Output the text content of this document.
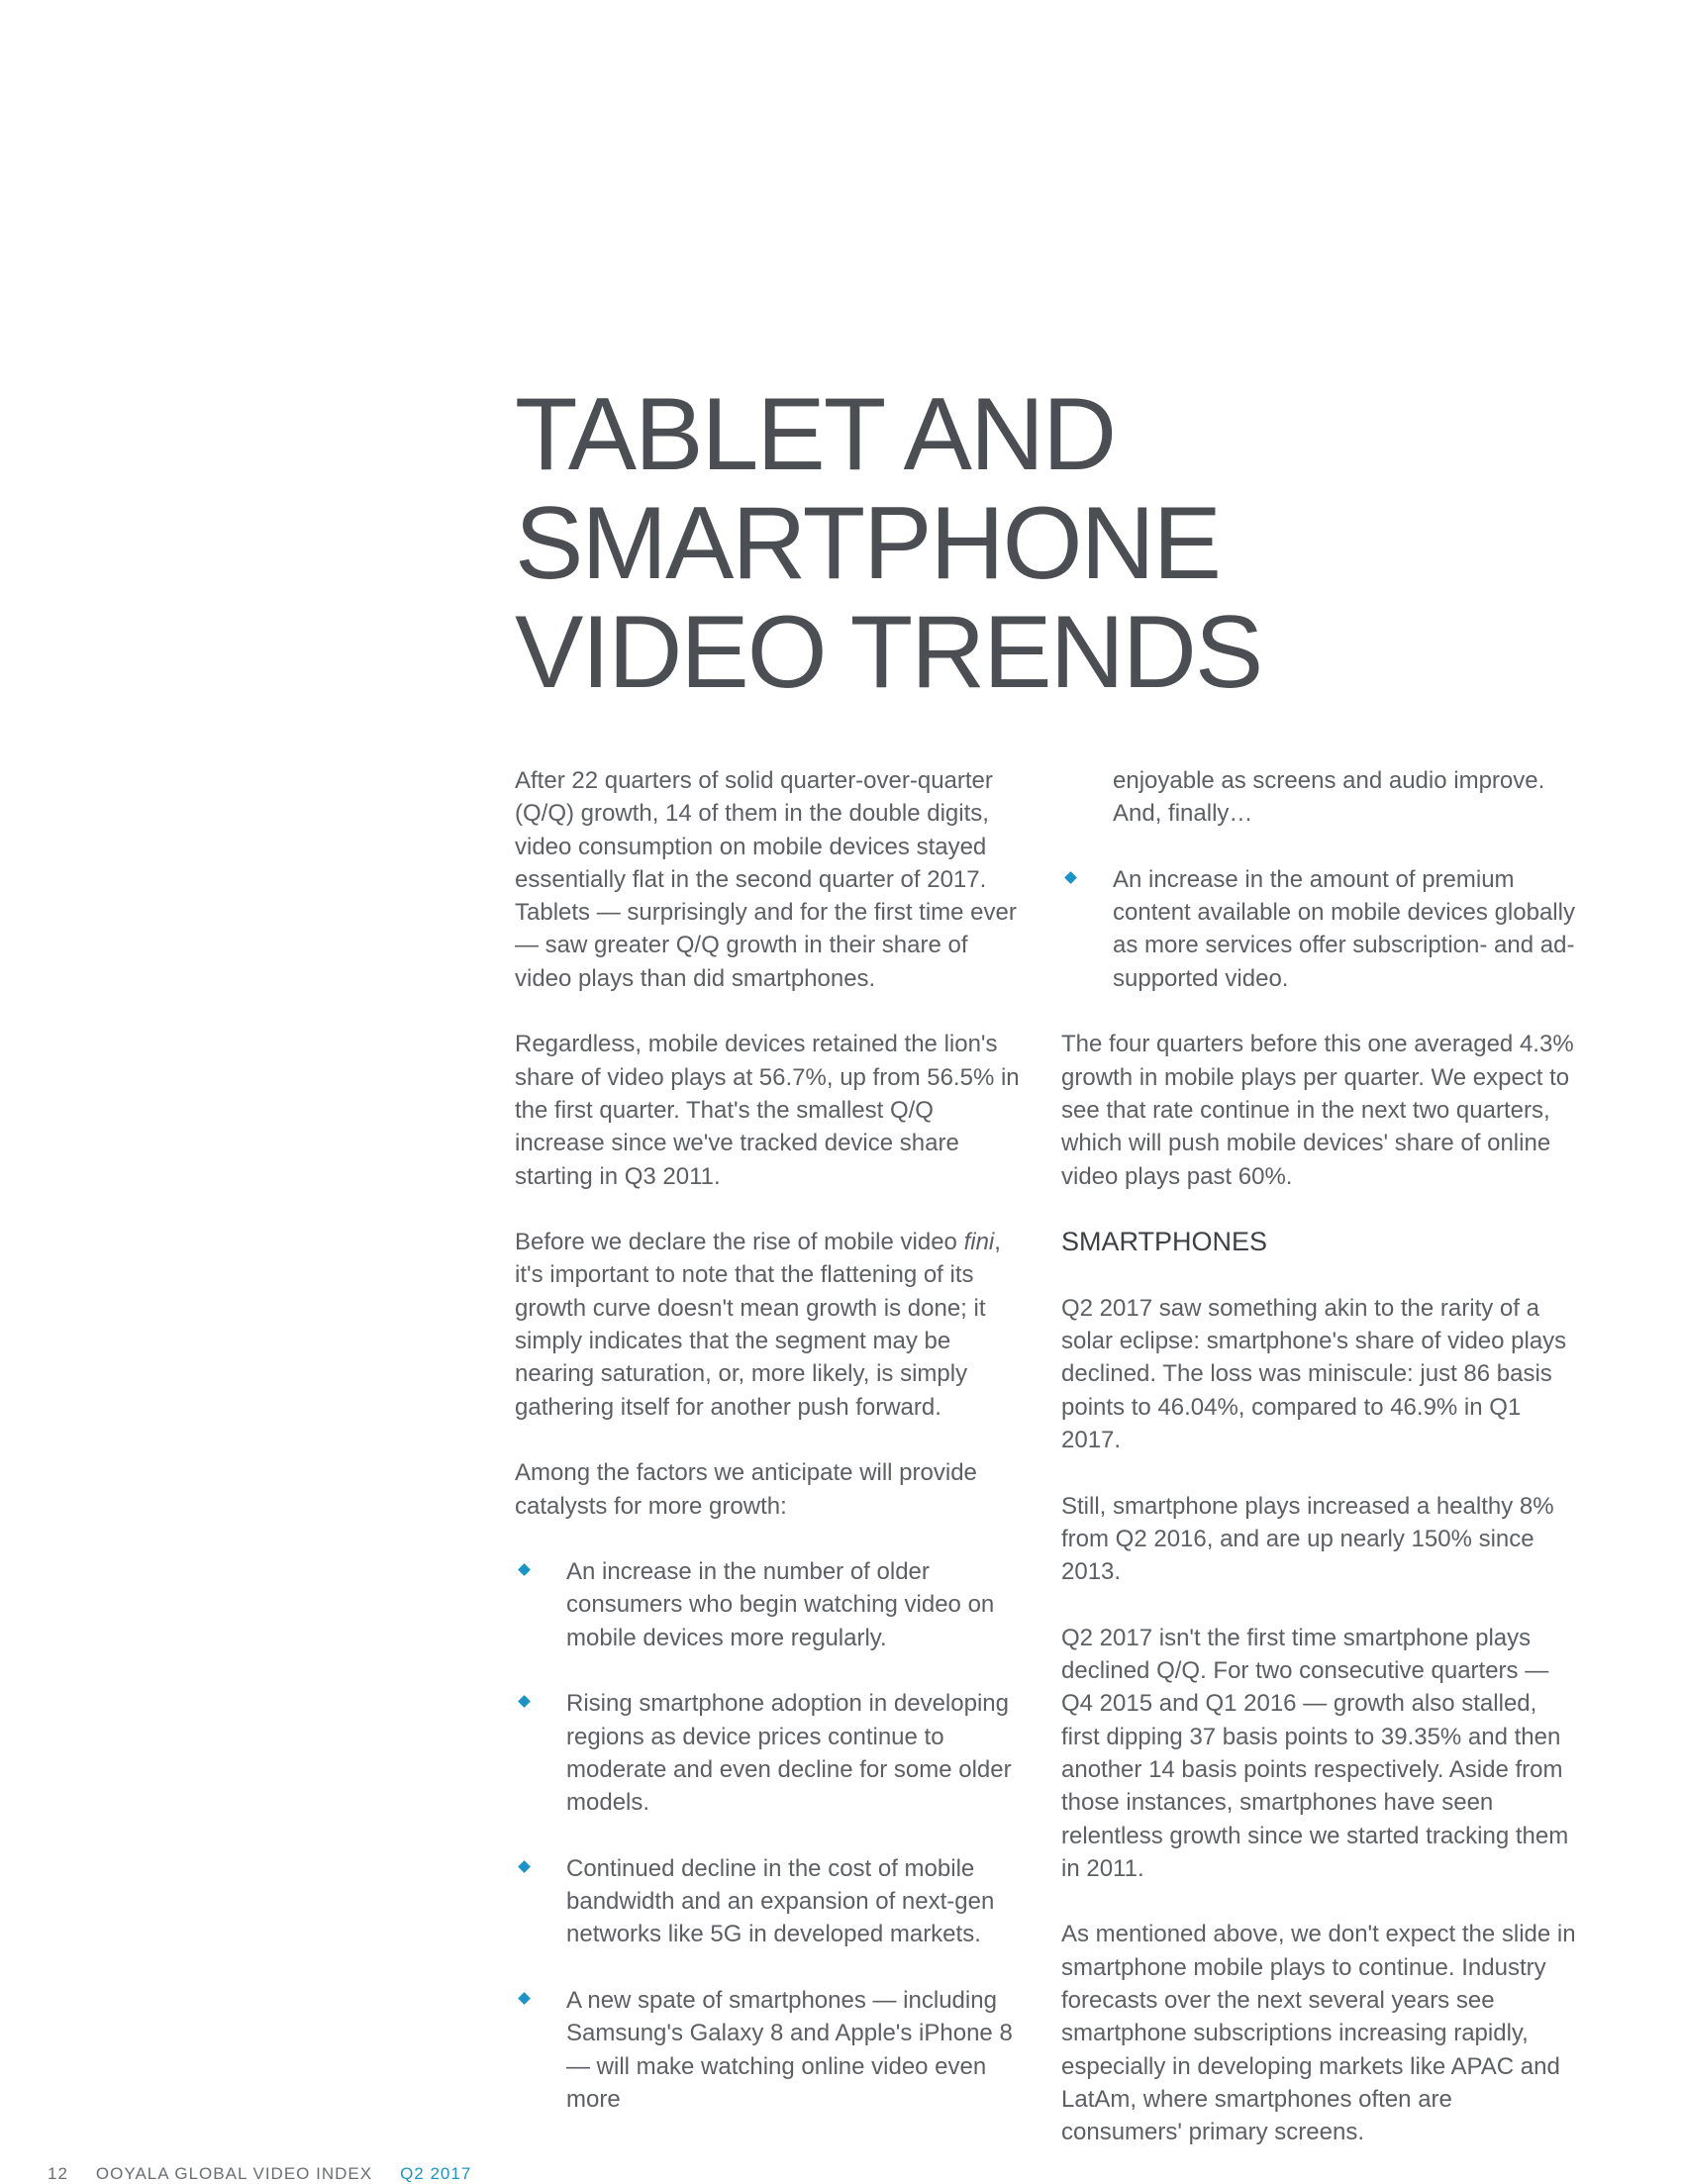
TABLET AND
SMARTPHONE
VIDEO TRENDS

After 22 quarters of solid quarter-over-quarter (Q/Q) growth, 14 of them in the double digits, video consumption on mobile devices stayed essentially flat in the second quarter of 2017. Tablets — surprisingly and for the first time ever — saw greater Q/Q growth in their share of video plays than did smartphones.

Regardless, mobile devices retained the lion's share of video plays at 56.7%, up from 56.5% in the first quarter. That's the smallest Q/Q increase since we've tracked device share starting in Q3 2011.

Before we declare the rise of mobile video fini, it's important to note that the flattening of its growth curve doesn't mean growth is done; it simply indicates that the segment may be nearing saturation, or, more likely, is simply gathering itself for another push forward.

Among the factors we anticipate will provide catalysts for more growth:

An increase in the number of older consumers who begin watching video on mobile devices more regularly.
Rising smartphone adoption in developing regions as device prices continue to moderate and even decline for some older models.
Continued decline in the cost of mobile bandwidth and an expansion of next-gen networks like 5G in developed markets.
A new spate of smartphones — including Samsung's Galaxy 8 and Apple's iPhone 8 — will make watching online video even more

enjoyable as screens and audio improve. And, finally…

An increase in the amount of premium content available on mobile devices globally as more services offer subscription- and ad-supported video.

The four quarters before this one averaged 4.3% growth in mobile plays per quarter. We expect to see that rate continue in the next two quarters, which will push mobile devices' share of online video plays past 60%.

SMARTPHONES

Q2 2017 saw something akin to the rarity of a solar eclipse: smartphone's share of video plays declined. The loss was miniscule: just 86 basis points to 46.04%, compared to 46.9% in Q1 2017.

Still, smartphone plays increased a healthy 8% from Q2 2016, and are up nearly 150% since 2013.

Q2 2017 isn't the first time smartphone plays declined Q/Q. For two consecutive quarters — Q4 2015 and Q1 2016 — growth also stalled, first dipping 37 basis points to 39.35% and then another 14 basis points respectively. Aside from those instances, smartphones have seen relentless growth since we started tracking them in 2011.

As mentioned above, we don't expect the slide in smartphone mobile plays to continue. Industry forecasts over the next several years see smartphone subscriptions increasing rapidly, especially in developing markets like APAC and LatAm, where smartphones often are consumers' primary screens.

12 OOYALA GLOBAL VIDEO INDEX Q2 2017
